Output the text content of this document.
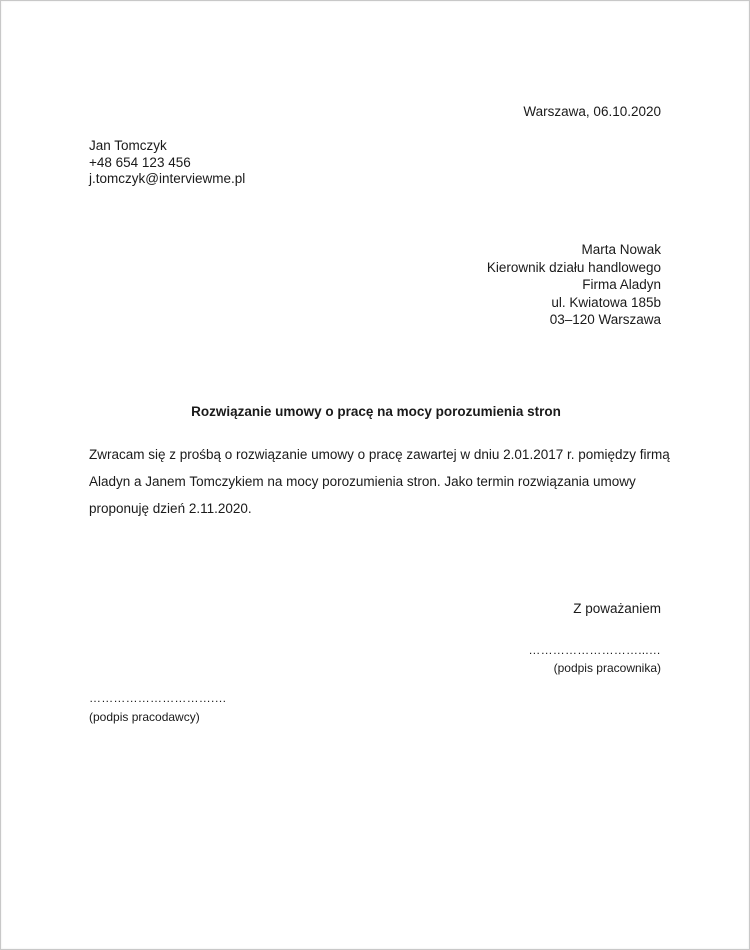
Warszawa, 06.10.2020
Jan Tomczyk
+48 654 123 456
j.tomczyk@interviewme.pl
Marta Nowak
Kierownik działu handlowego
Firma Aladyn
ul. Kwiatowa 185b
03–120 Warszawa
Rozwiązanie umowy o pracę na mocy porozumienia stron
Zwracam się z prośbą o rozwiązanie umowy o pracę zawartej w dniu 2.01.2017 r. pomiędzy firmą Aladyn a Janem Tomczykiem na mocy porozumienia stron. Jako termin rozwiązania umowy proponuję dzień 2.11.2020.
Z poważaniem
………………………...…
(podpis pracownika)
………………………….…
(podpis pracodawcy)
